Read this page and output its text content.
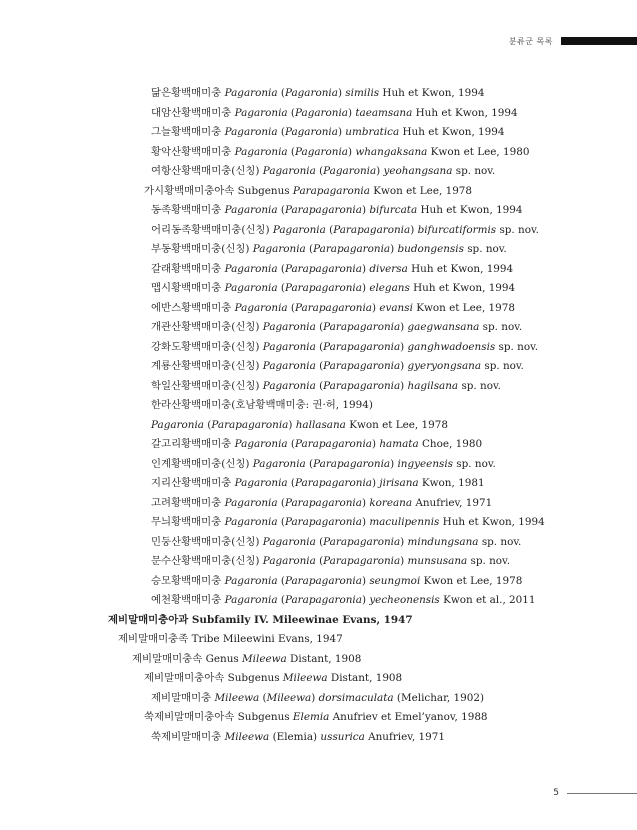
분류군 목록
닮은황백매미충 Pagaronia (Pagaronia) similis Huh et Kwon, 1994
대암산황백매미충 Pagaronia (Pagaronia) taeamsana Huh et Kwon, 1994
그늘황백매미충 Pagaronia (Pagaronia) umbratica Huh et Kwon, 1994
황악산황백매미충 Pagaronia (Pagaronia) whangaksana Kwon et Lee, 1980
여항산황백매미충(신칭) Pagaronia (Pagaronia) yeohangsana sp. nov.
가시황백매미충아속 Subgenus Parapagaronia Kwon et Lee, 1978
동족황백매미충 Pagaronia (Parapagaronia) bifurcata Huh et Kwon, 1994
어리동족황백매미충(신칭) Pagaronia (Parapagaronia) bifurcatiformis sp. nov.
부동황백매미충(신칭) Pagaronia (Parapagaronia) budongensis sp. nov.
갈래황백매미충 Pagaronia (Parapagaronia) diversa Huh et Kwon, 1994
맵시황백매미충 Pagaronia (Parapagaronia) elegans Huh et Kwon, 1994
에반스황백매미충 Pagaronia (Parapagaronia) evansi Kwon et Lee, 1978
개관산황백매미충(신칭) Pagaronia (Parapagaronia) gaegwansana sp. nov.
강화도황백매미충(신칭) Pagaronia (Parapagaronia) ganghwadoensis sp. nov.
계룡산황백매미충(신칭) Pagaronia (Parapagaronia) gyeryongsana sp. nov.
학일산황백매미충(신칭) Pagaronia (Parapagaronia) hagilsana sp. nov.
한라산황백매미충(호남황백매미충: 권·허, 1994)
Pagaronia (Parapagaronia) hallasana Kwon et Lee, 1978
갈고리황백매미충 Pagaronia (Parapagaronia) hamata Choe, 1980
인계황백매미충(신칭) Pagaronia (Parapagaronia) ingyeensis sp. nov.
지리산황백매미충 Pagaronia (Parapagaronia) jirisana Kwon, 1981
고려황백매미충 Pagaronia (Parapagaronia) koreana Anufriev, 1971
무늬황백매미충 Pagaronia (Parapagaronia) maculipennis Huh et Kwon, 1994
민둥산황백매미충(신칭) Pagaronia (Parapagaronia) mindungsana sp. nov.
문수산황백매미충(신칭) Pagaronia (Parapagaronia) munsusana sp. nov.
승모황백매미충 Pagaronia (Parapagaronia) seungmoi Kwon et Lee, 1978
예천황백매미충 Pagaronia (Parapagaronia) yecheonensis Kwon et al., 2011
제비말매미충아과 Subfamily IV. Mileewinae Evans, 1947
제비말매미충족 Tribe Mileewini Evans, 1947
제비말매미충속 Genus Mileewa Distant, 1908
제비말매미충아속 Subgenus Mileewa Distant, 1908
제비말매미충 Mileewa (Mileewa) dorsimaculata (Melichar, 1902)
쑥제비말매미충아속 Subgenus Elemia Anufriev et Emel’yanov, 1988
쑥제비말매미충 Mileewa (Elemia) ussurica Anufriev, 1971
5
